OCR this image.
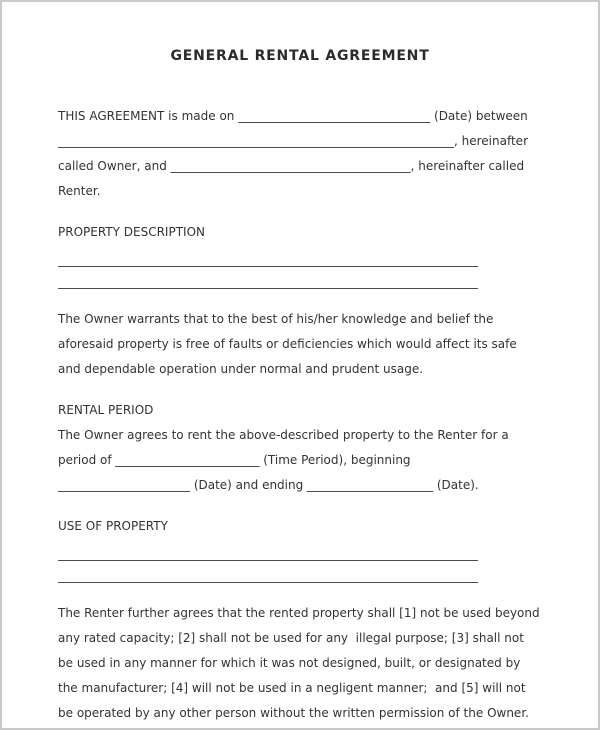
GENERAL RENTAL AGREEMENT

THIS AGREEMENT is made on ________________________________ (Date) between __________________________________________________________________, hereinafter called Owner, and ________________________________________, hereinafter called Renter.

PROPERTY DESCRIPTION
______________________________________________________________________
______________________________________________________________________

The Owner warrants that to the best of his/her knowledge and belief the aforesaid property is free of faults or deficiencies which would affect its safe and dependable operation under normal and prudent usage.

RENTAL PERIOD

The Owner agrees to rent the above-described property to the Renter for a period of ________________________ (Time Period), beginning ______________________ (Date) and ending _____________________ (Date).

USE OF PROPERTY
______________________________________________________________________
______________________________________________________________________

The Renter further agrees that the rented property shall [1] not be used beyond any rated capacity; [2] shall not be used for any  illegal purpose; [3] shall not be used in any manner for which it was not designed, built, or designated by the manufacturer; [4] will not be used in a negligent manner;  and [5] will not be operated by any other person without the written permission of the Owner.
